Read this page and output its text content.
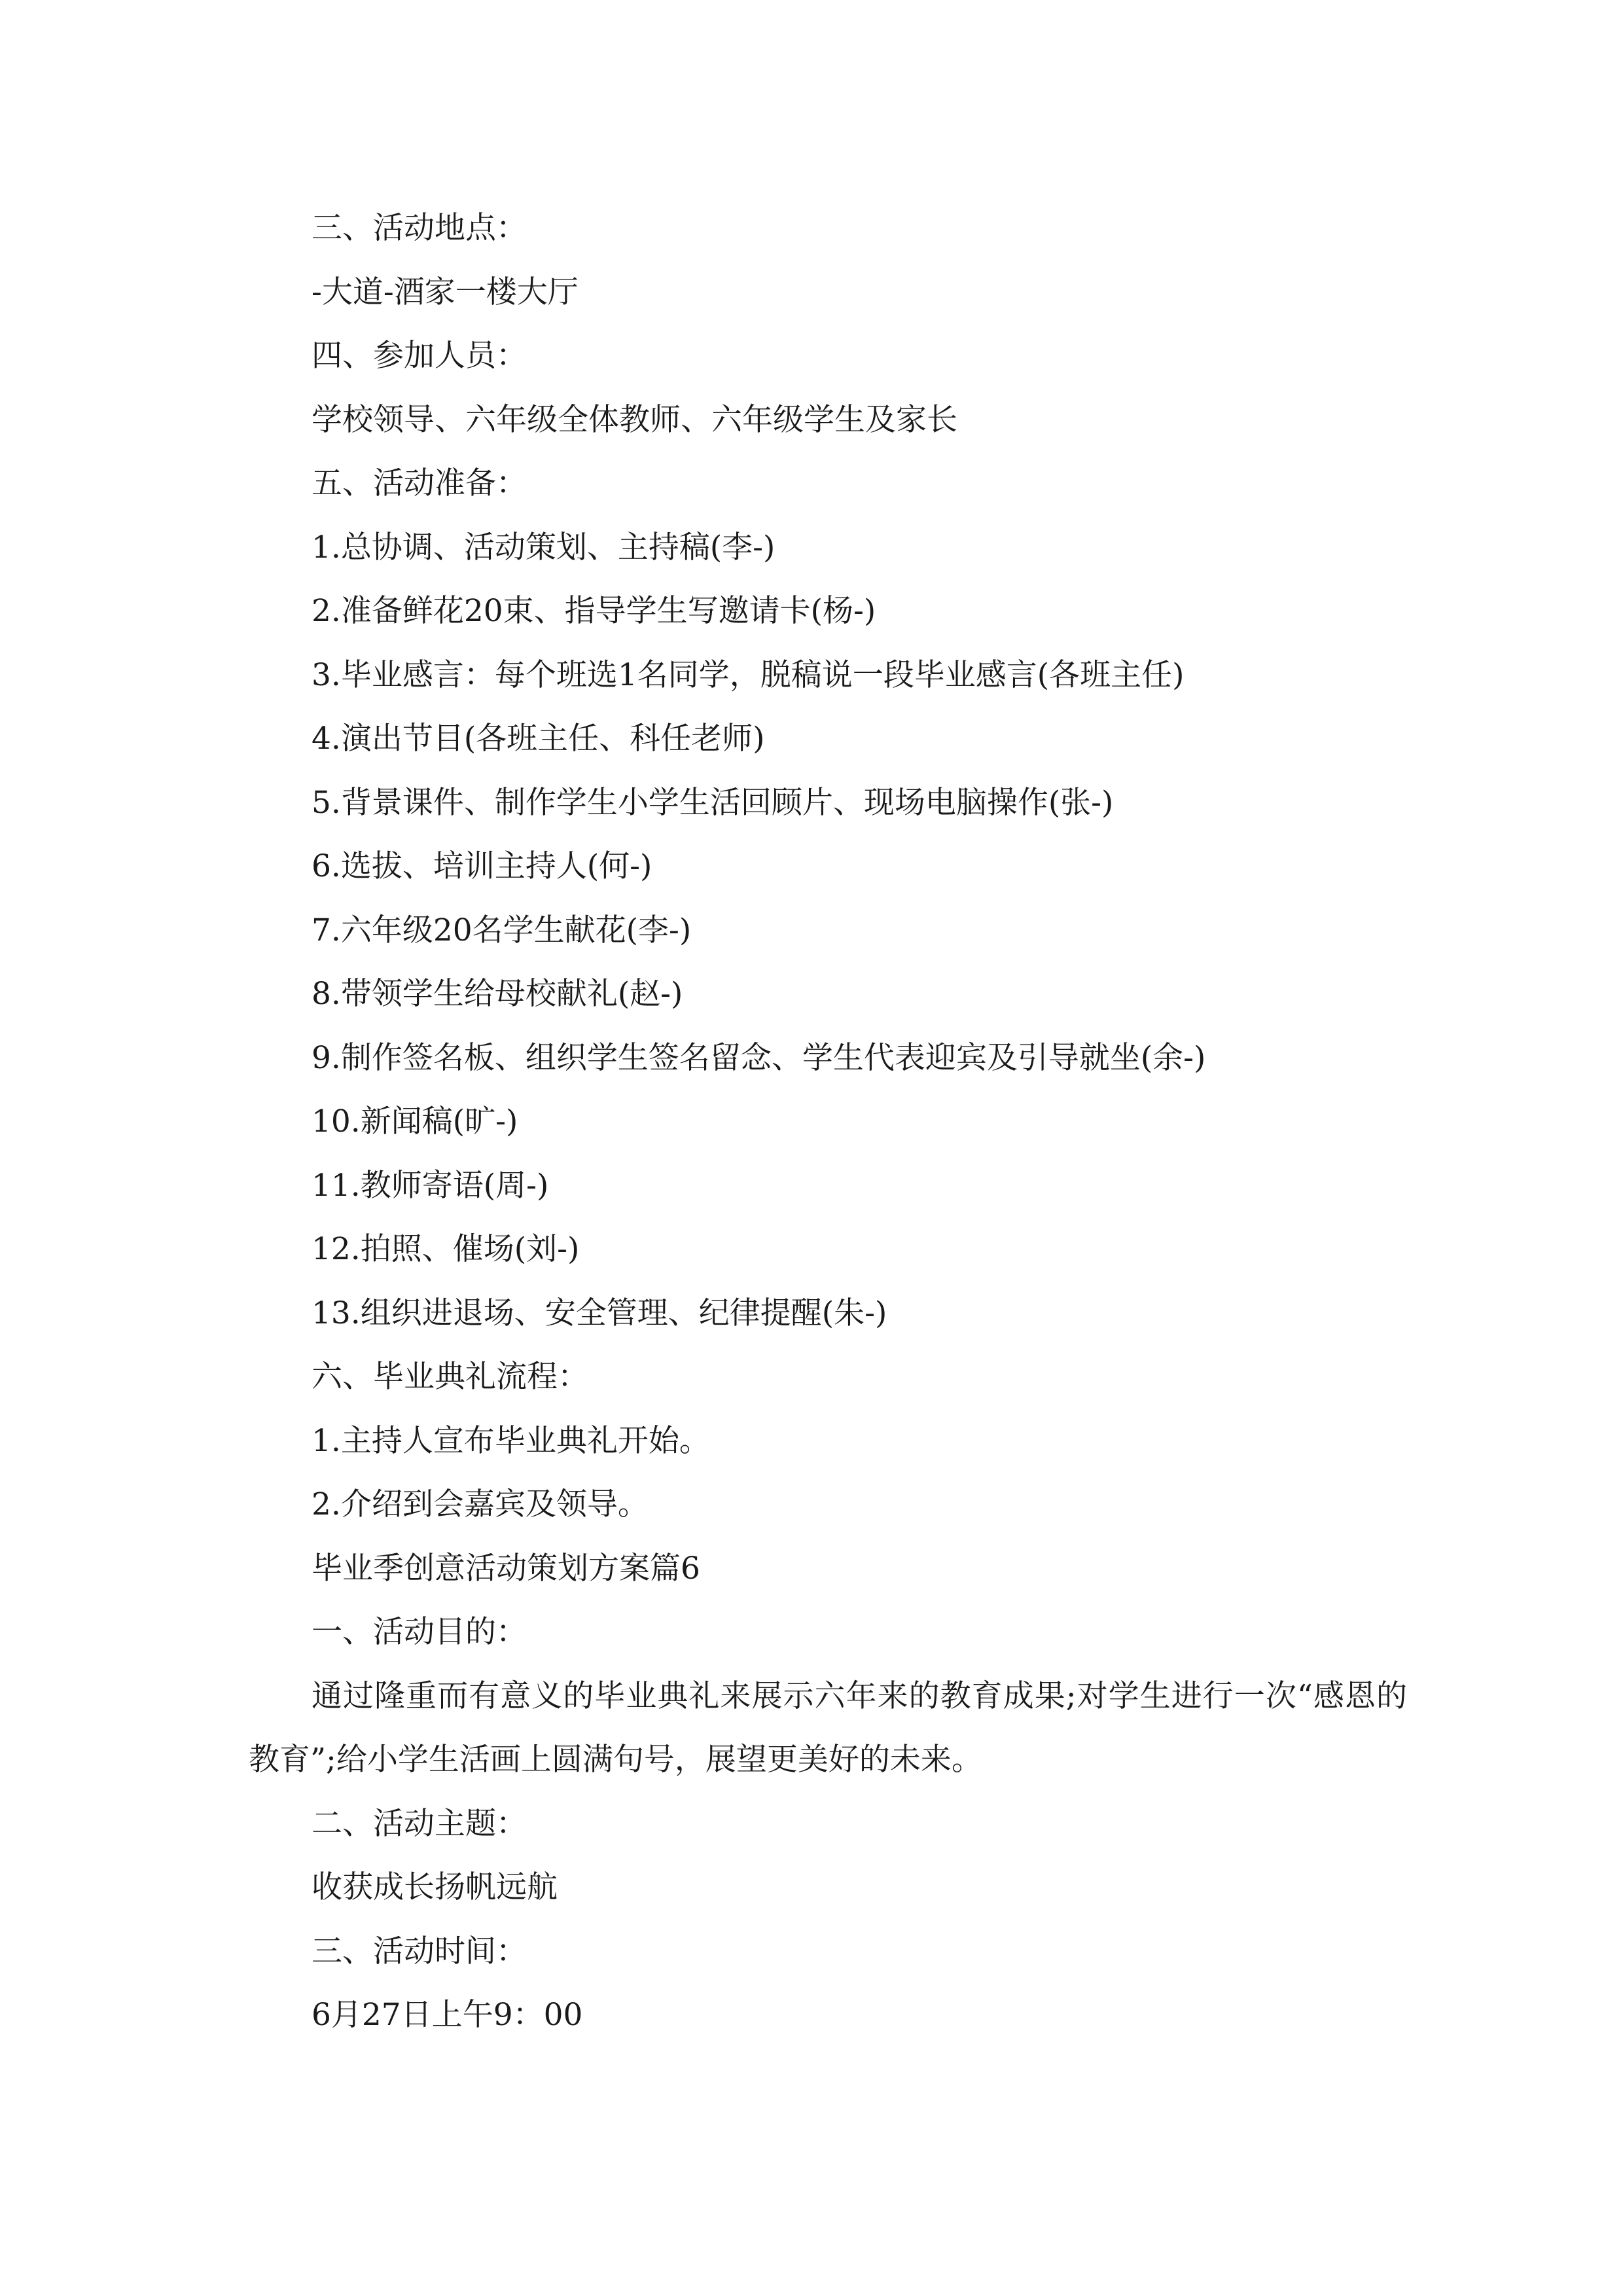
三、活动地点：
-大道-酒家一楼大厅
四、参加人员：
学校领导、六年级全体教师、六年级学生及家长
五、活动准备：
1.总协调、活动策划、主持稿(李-)
2.准备鲜花20束、指导学生写邀请卡(杨-)
3.毕业感言：每个班选1名同学，脱稿说一段毕业感言(各班主任)
4.演出节目(各班主任、科任老师)
5.背景课件、制作学生小学生活回顾片、现场电脑操作(张-)
6.选拔、培训主持人(何-)
7.六年级20名学生献花(李-)
8.带领学生给母校献礼(赵-)
9.制作签名板、组织学生签名留念、学生代表迎宾及引导就坐(余-)
10.新闻稿(旷-)
11.教师寄语(周-)
12.拍照、催场(刘-)
13.组织进退场、安全管理、纪律提醒(朱-)
六、毕业典礼流程：
1.主持人宣布毕业典礼开始。
2.介绍到会嘉宾及领导。
毕业季创意活动策划方案篇6
一、活动目的：

通过隆重而有意义的毕业典礼来展示六年来的教育成果;对学生进行一次“感恩的教育”;给小学生活画上圆满句号，展望更美好的未来。

二、活动主题：
收获成长扬帆远航
三、活动时间：
6月27日上午9：00
